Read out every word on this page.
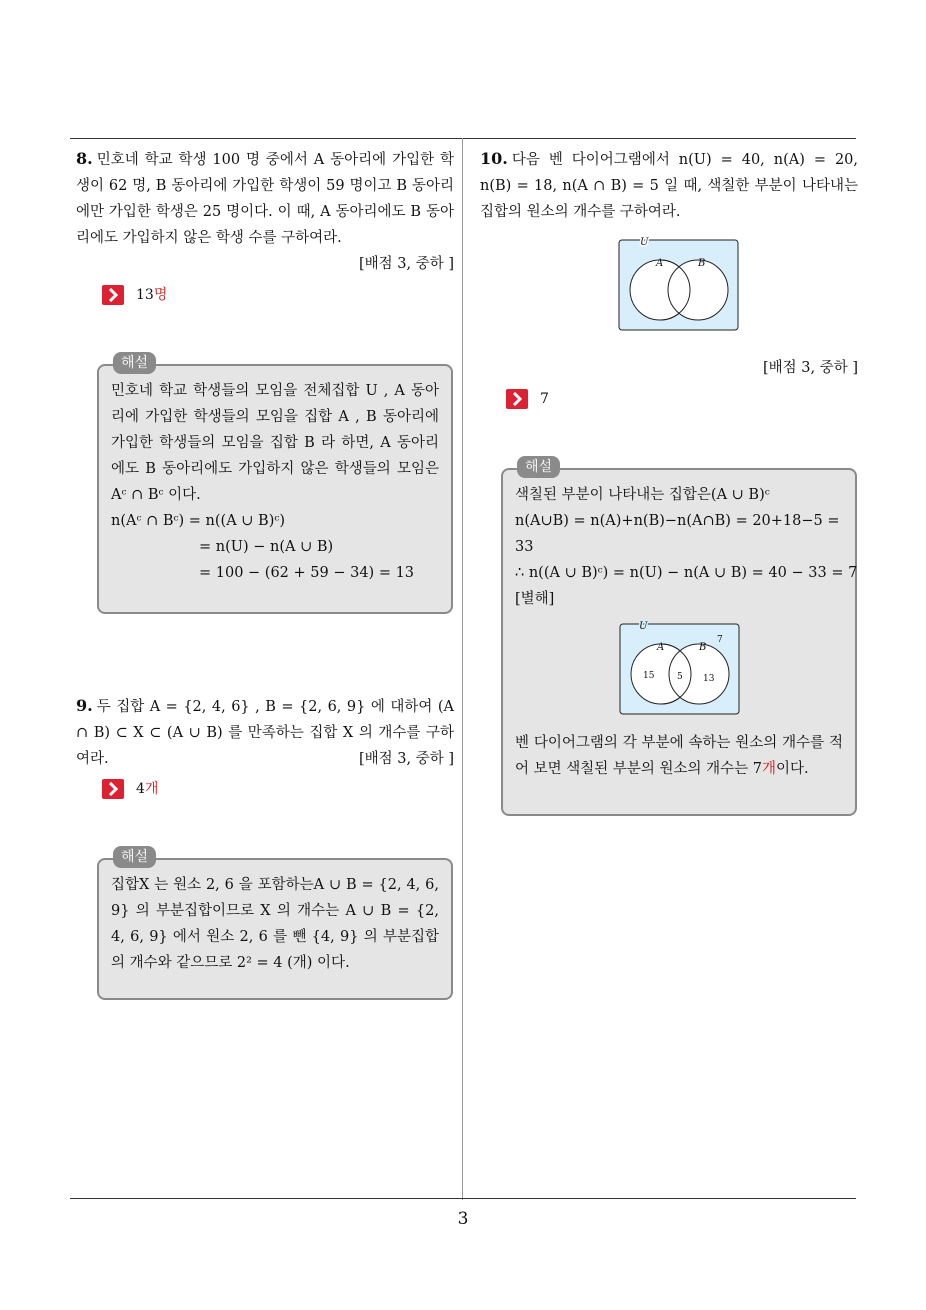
8. 민호네 학교 학생 100 명 중에서 A 동아리에 가입한 학생이 62 명, B 동아리에 가입한 학생이 59 명이고 B 동아리에만 가입한 학생은 25 명이다. 이 때, A 동아리에도 B 동아리에도 가입하지 않은 학생 수를 구하여라.
[배점 3, 중하 ]
13명
해설
민호네 학교 학생들의 모임을 전체집합 U , A 동아리에 가입한 학생들의 모임을 집합 A , B 동아리에 가입한 학생들의 모임을 집합 B 라 하면, A 동아리에도 B 동아리에도 가입하지 않은 학생들의 모임은 Aᶜ ∩ Bᶜ 이다.
n(Aᶜ ∩ Bᶜ) = n((A ∪ B)ᶜ)
= n(U) − n(A ∪ B)
= 100 − (62 + 59 − 34) = 13
9. 두 집합 A = {2, 4, 6} , B = {2, 6, 9} 에 대하여 (A ∩ B) ⊂ X ⊂ (A ∪ B) 를 만족하는 집합 X 의 개수를 구하여라.	[배점 3, 중하 ]
4개
해설
집합X 는 원소 2, 6 을 포함하는A ∪ B = {2, 4, 6, 9} 의 부분집합이므로 X 의 개수는 A ∪ B = {2, 4, 6, 9} 에서 원소 2, 6 를 뺀 {4, 9} 의 부분집합의 개수와 같으므로 2² = 4 (개) 이다.
10. 다음 벤 다이어그램에서 n(U) = 40, n(A) = 20, n(B) = 18, n(A ∩ B) = 5 일 때, 색칠한 부분이 나타내는 집합의 원소의 개수를 구하여라.
U
A	B
[배점 3, 중하 ]
7
해설
색칠된 부분이 나타내는 집합은(A ∪ B)ᶜ
n(A∪B) = n(A)+n(B)−n(A∩B) = 20+18−5 =
33
∴ n((A ∪ B)ᶜ) = n(U) − n(A ∪ B) = 40 − 33 = 7
[별해]
U
A	B
7
15	5 13
벤 다이어그램의 각 부분에 속하는 원소의 개수를 적어 보면 색칠된 부분의 원소의 개수는 7개이다.
3
